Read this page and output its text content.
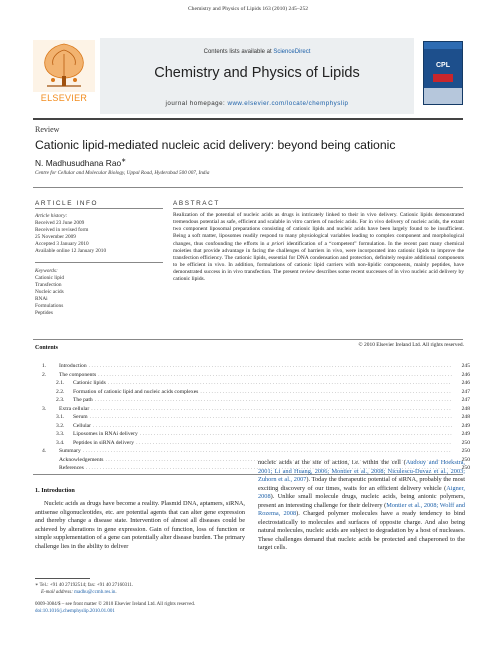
Chemistry and Physics of Lipids 163 (2010) 245–252
ELSEVIER
Contents lists available at ScienceDirect
Chemistry and Physics of Lipids
journal homepage: www.elsevier.com/locate/chemphyslip
CPL
Review
Cationic lipid-mediated nucleic acid delivery: beyond being cationic
N. Madhusudhana Rao∗
Centre for Cellular and Molecular Biology, Uppal Road, Hyderabad 500 007, India
ARTICLE INFO	ABSTRACT
Article history:
Received 23 June 2009
Received in revised form
25 November 2009
Accepted 3 January 2010
Available online 12 January 2010
Keywords:
Cationic lipid
Transfection
Nucleic acids
RNAi
Formulations
Peptides
Realization of the potential of nucleic acids as drugs is intricately linked to their in vivo delivery. Cationic lipids demonstrated tremendous potential as safe, efficient and scalable in vitro carriers of nucleic acids. For in vivo delivery of nucleic acids, the extant two component liposomal preparations consisting of cationic lipids and nucleic acids have been largely found to be insufficient. Being a soft matter, liposomes readily respond to many physiological variables leading to complex component and morphological changes, thus confounding the efforts in a priori identification of a “competent” formulation. In the recent past many chemical moieties that provide advantage in facing the challenges of barriers in vivo, were incorporated into cationic lipids to improve the transfection efficiency. The cationic lipids, essential for DNA condensation and protection, definitely require additional components to be efficient in vivo. In addition, formulations of cationic lipid carriers with non-lipidic components, mainly peptides, have demonstrated success in in vivo transfection. The present review describes some recent successes of in vivo nucleic acid delivery by cationic lipids.
© 2010 Elsevier Ireland Ltd. All rights reserved.
Contents
1.	Introduction . . .	245
2.	The components . . .	246
2.1.	Cationic lipids . . .	246
2.2.	Formation of cationic lipid and nucleic acids complexes . . .	247
2.3.	The path . . .	247
3.	Extra cellular . . .	248
3.1.	Serum . . .	248
3.2.	Cellular . . .	249
3.3.	Liposomes in RNAi delivery . . .	249
3.4.	Peptides in siRNA delivery . . .	250
4.	Summary . . .	250
Acknowledgements . . .	250
References . . .	250
1. Introduction

Nucleic acids as drugs have become a reality. Plasmid DNA, aptamers, siRNA, antisense oligonucleotides, etc. are potential agents that can alter gene expression and thereby change a disease state. Intervention of almost all diseases could be achieved by alterations in gene expression. Gain of function, loss of function or simple supplementation of a gene can potentially alter disease burden. The primary challenge lies in the ability to deliver

nucleic acids at the site of action, i.e. within the cell (Audouy and Hoekstra, 2001; Li and Huang, 2006; Montier et al., 2008; Niculescu-Duvaz et al., 2003; Zuhorn et al., 2007). Today the therapeutic potential of siRNA, probably the most exciting discovery of our times, waits for an efficient delivery vehicle (Aigner, 2008). Unlike small molecule drugs, nucleic acids, being anionic polymers, present an interesting challenge for their delivery (Montier et al., 2008; Wolff and Rozema, 2008). Charged polymer molecules have a ready tendency to bind electrostatically to molecules and surfaces of opposite charge. And also being natural molecules, nucleic acids are subject to degradation by a host of nucleases. These challenges demand that nucleic acids be protected and chaperoned to the target cells.
∗ Tel.: +91 40 27192514; fax: +91 40 27160311.
E-mail address: madhu@ccmb.res.in.
0009-3084/$ – see front matter © 2010 Elsevier Ireland Ltd. All rights reserved.
doi:10.1016/j.chemphyslip.2010.01.001
